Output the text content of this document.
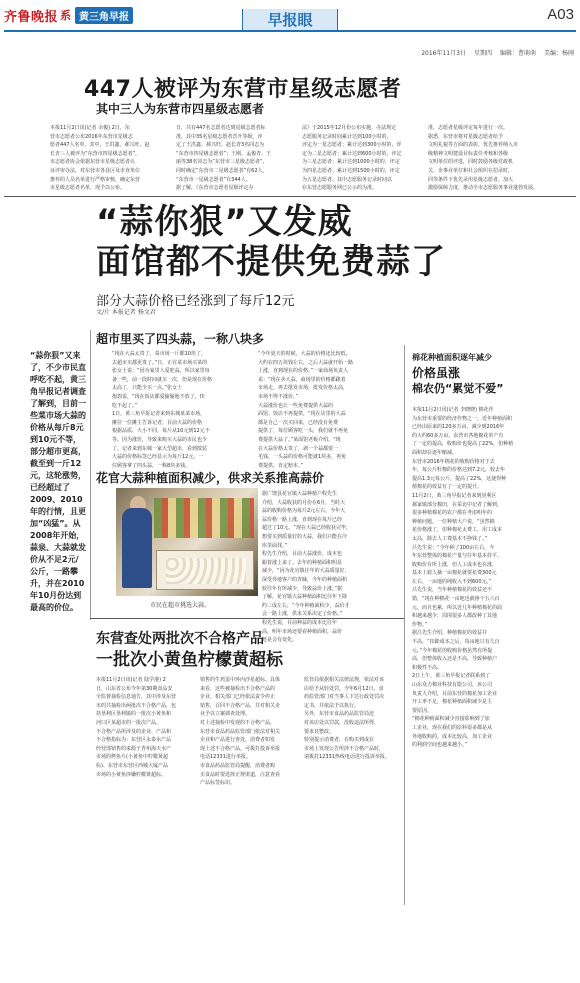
齐鲁晚报 系 黄三角早报	早报眼	A03
2016年11月3日 星期四 编辑：曹萌萌 美编：杨刚
447人被评为东营市星级志愿者
其中三人为东营市四星级志愿者
本报11月2日讯(记者 余俊) 2日，东
营市志愿者公布2016年东营市星级志
愿者447人名单，其中，王洪鑫、郝兴旺、赵
长青三人被评为“东营市四星级志愿者”。
市志愿者协会依据东营市星级志愿者认
证评审办法，对东营市各县区及市直单位
推荐的人员名单进行严格审核，确定东营
市星级志愿者名单，现予以公布。
日，共有447名志愿者达到星级志愿者标
准，其中35名星级志愿者晋升等级，评
定了王洪鑫、郝兴旺、赵长青3名同志为
“东营市四星级志愿者”；王刚、孟俊青、王
丽等38名同志为“东营市三星级志愿者”，
同时确定“东营市二星级志愿者”有62人，
“东营市一星级志愿者”有344人。
据了解，《东营市志愿者星级评定办
法》于2015年12月份公布实施，办法规定
志愿服务记录时间累计达到100小时的，
评定为一星志愿者；累计达到300小时的，评
定为二星志愿者；累计达到600小时的，评定
为三星志愿者；累计达到1000小时的，评定
为四星志愿者；累计达到1500小时的，评定
为五星志愿者。其中志愿服务记录时间以
在东营志愿服务网已公示的为准。
准，志愿者星级评定每年进行一次。
据悉，东营市将对星级志愿者给予
文明礼貌等方面的表彰，优先推荐纳入市
级精神文明建设目标责任考核和各级
文明单位的评选，同时鼓励各级党政机
关、企事业单位和社会组织在招录时，
同等条件下优先录用星级志愿者，加大
激励保障力度，推动全市志愿服务事业蓬勃发展。
“蒜你狠”又发威
面馆都不提供免费蒜了
部分大蒜价格已经涨到了每斤12元
文/片 本报记者 杨文君
超市里买了四头蒜，一称八块多
“蒜你狠”又来了，不少市民直呼吃不起，黄三角早报记者调查了解到，目前一些菜市场大蒜的价格从每斤8元到10元不等，部分超市更高，截至到一斤12元，这轮涨势，已经超过了2009、2010年的行情，且更加“凶猛”。从2008年开始，蒜泉、大蒜就发价从不足2元/公斤，一路攀升，并在2010年10月份达到最高的价位。
“现在大蒜太贵了，菜市场一斤都10块了，
去超市买都更贵了。”日，正在菜市场买菜的
张女士说：“因为家里人爱吃蒜，所以家里每
备一些，前一段时间就买一次，但是现在价格
太高了，只能少买一点。”张女士
抱怨说，“现在饭店都爱偷偷地不放了，快
吃不起了。”
1日，黄三角早报记者来到东城某菜市场，
摊位一位摊主告诉记者，目前大蒜的价格
根据品质、大小不同，每斤从10元到12元不
等。因为涨价，导致来购买大蒜的市民也少
了。记者来到东城一家大型超市，看到散装
大蒜的价格标签已经显示为每斤12元，一
位顾客拿了四头蒜，一称8块多钱。
“今年夏天的时候，大蒜的价格还比较低，
大约在四五块钱左右，之后大蒜就开始一路
上涨，直到现在的价格。”一家商场负责人
说：“现在卖大蒜，商场里的价格都跟着
市场走，再去批发市场，批发价格太高，
市场不得不涨价。”
大蒜涨价也让一些免费提供大蒜的
面馆、饭店不再提供，“现在店里的大蒜
都是自己一次买回来，已经没有免费
提供了，每位顾客吃一头，我们就不再免
费提供大蒜了。”某面馆老板介绍，“现
在大蒜价格太贵了，剥一个蒜都要一
毛钱，一头蒜的价格可能就1块多，再免
费提供，肯定赔本。”
花官大蒜种植面积减少，供求关系推高蒜价
市民在超市挑选大蒜。
据广饶县花官镇大蒜种植户程先生
介绍，大蒜收获的月份在6月，当时大
蒜的收购价格为每斤2元左右，今年大
蒜价格一路上涨，直到现在每斤已经
超过了10元。“现在大蒜已经收获完毕，
想要买到质量好的大蒜，我们只能在冷
库里面找。”
程先生介绍，目前大蒜涨价，成本也
跟着涨上来了。去年的种植面积明显
减少，“因为花官镇往年的大蒜质量好，
深受外地客户的青睐，今年的种植面积
较往年有所减少，导致蒜价上涨。”据
了解，花官镇大蒜种植面积比往年下降
约三成左右，“今年种植面积少，蒜价才
会一路上涨，供求关系决定了价格。”
程先生说，目前种蒜的成本比往年
高，明年市场还要看种植面积，蒜价
还是会有变化。
棉花种植面积逐年减少
价格虽涨
棉农仍“累觉不爱”
本报11月2日讯(记者 李晓晓) 棉花作
为东营市重要的经济作物之一，近年种植面积
已经由原来的120多万亩，减少到2016年
的大约60多万亩。东营市各地棉花单产有
了一定的提高，收购价也提高了22%，但种植
面积却在逐年缩减。
东营市2016年棉花的收购价格对于去
年，每公斤籽棉的价格达到7.2元，较去年
提高1.3元每公斤，提高了22%，这使得种
植棉花的效益有了一定的提升。
11月2日，黄三角早报记者来到垦利区
郝家镇部分棉田，在采访中记者了解到，
很多种植棉花的农户都在考虑明年的
种植问题。一位种植大户说，“虽然棉
花价格涨了，但种棉花太费工，用工成本
太高，除去人工费基本不挣钱了。”
吕先生说：“今年种了100亩左右，今
年东营整体的棉花产量与往年基本持平，
收购价有所上涨，但人工成本也在涨，
基本上雇人摘一亩棉花就要花费300元
左右，一亩地的纯收入不到600元。”
吕先生说，当年种植棉花的效益还不
错，“现在种棉花一亩地也就挣个五六百
元，而且也累，所以近几年种植棉花的面
积越来越少，周围很多人都改种了其他
作物。”
据吕先生介绍，种植棉花的效益并
不高，“扣除成本之后，每亩地只有几百
元。”今年棉花的收购价格虽然有所提
高，但整体收入还是不高，导致种植户
积极性不高。
2日上午，黄三角早报记者联系到了
山东众力棉业科技有限公司，该公司
负责人介绍，目前东营的棉花加工企业
开工率不足，棉花种植面积减少是主
要原因。
“棉花种植面积减少直接影响到了加
工企业，现在我们的原料很多都是从
外地收购的，成本比较高，加工企业
的利润空间也越来越小。”
东营查处两批次不合格产品
一批次小黄鱼柠檬黄超标
本报11月2日讯(记者 陆学港) 2
日，山东省公布今年第30期食品安
全监督抽检信息通告，其中涉及东营
市的共抽检出两批次不合格产品，包
括垦利区垦利镇的一批次小黄鱼和
河口区某超市的一批次产品。
不合格产品所涉及的企业、产品和
不合格指标为：东营区永泰水产品
经营部销售的来源于青州海天水产
市场的烤鱼片(小黄鱼中柠檬黄超
标)、东营市东营区西城大厦产品
市场的小黄鱼涉嫌柠檬黄超标。
销售的生鸡蛋中环丙沙星超标。具体
来看，这些被抽检出不合格产品的
企业，相关部门已经依法责令停止
销售，召回不合格产品，并对相关企
业予以立案调查处理。
对上述抽检中发现的不合格产品，
东营市食品药品监管部门依法对相关
企业和产品进行查处，消费者如发
现上述不合格产品，可拨打投诉举报
电话12331进行举报。
市食品药品监管局提醒，消费者购
买食品时要选择正规渠道，注意查看
产品标签标识。
监管局依据相关法律法规，依法对该
店给予从轻处罚，今年6月12日，食
药监管部门对当事人下达行政处罚决
定书，并依法予以执行。
另外，东营市食品药品监管局还
对该店处以罚款，没收违法所得，
要求其整改。
特别提示消费者，在购买到或在
市场上发现公告所涉不合格产品时，
请拨打12331热线电话进行投诉举报。
